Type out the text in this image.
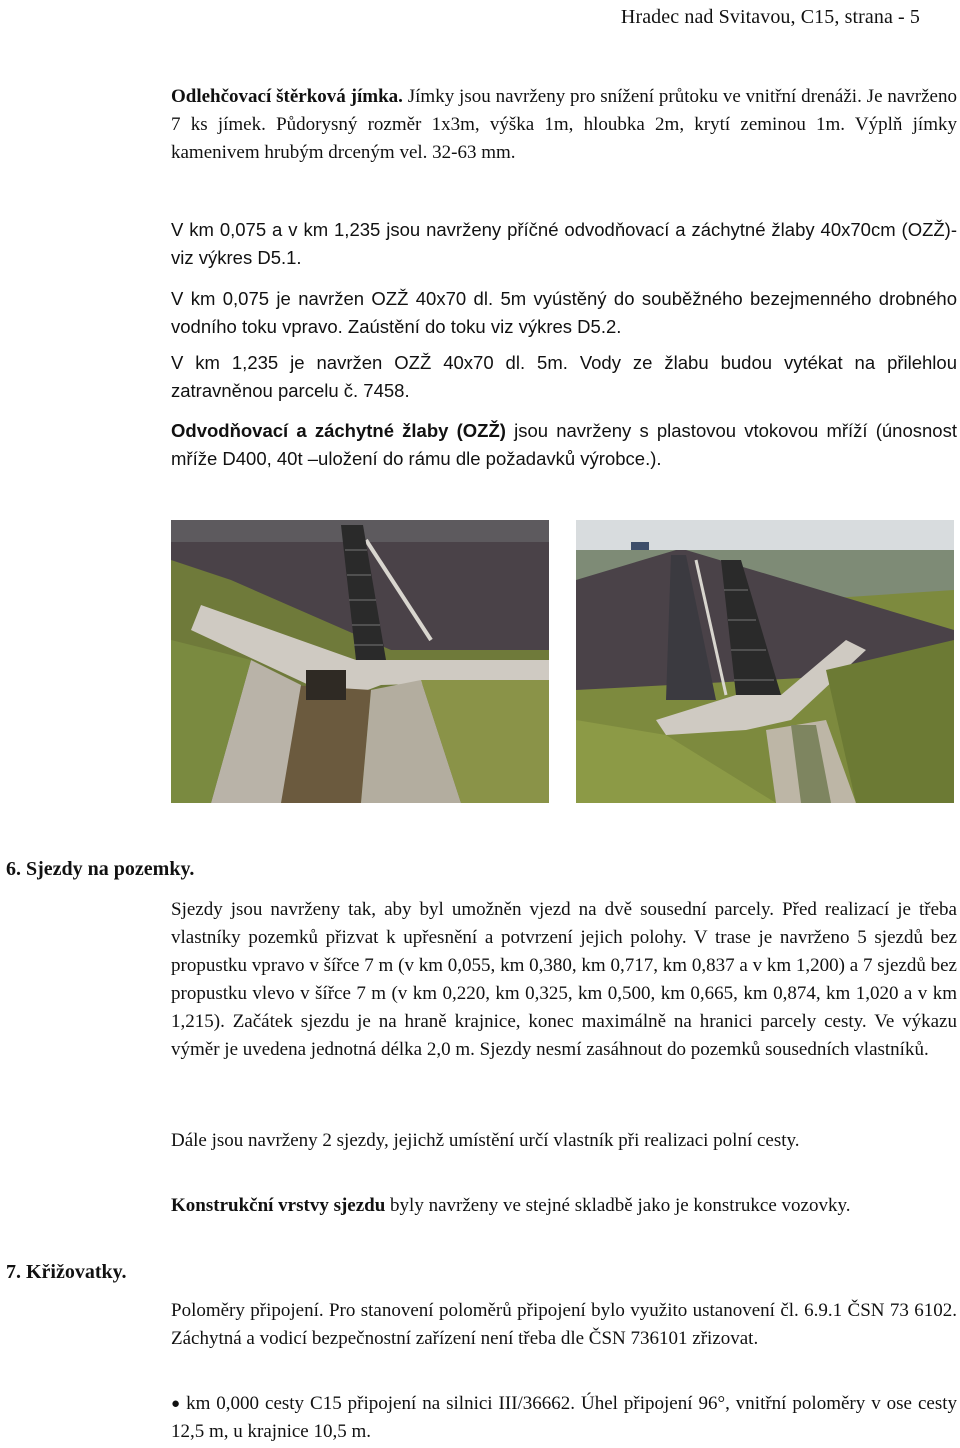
Hradec nad Svitavou, C15, strana - 5
Odlehčovací štěrková jímka. Jímky jsou navrženy pro snížení průtoku ve vnitřní drenáži. Je navrženo 7 ks jímek. Půdorysný rozměr 1x3m, výška 1m, hloubka 2m, krytí zeminou 1m. Výplň jímky kamenivem hrubým drceným vel. 32-63 mm.
V km 0,075 a v km 1,235 jsou navrženy příčné odvodňovací a záchytné žlaby 40x70cm (OZŽ)-viz výkres D5.1.
V km 0,075 je navržen OZŽ 40x70 dl. 5m vyústěný do souběžného bezejmenného drobného vodního toku vpravo. Zaústění do toku viz výkres D5.2.
V km 1,235 je navržen OZŽ 40x70 dl. 5m. Vody ze žlabu budou vytékat na přilehlou zatravněnou parcelu č. 7458.
Odvodňovací a záchytné žlaby (OZŽ) jsou navrženy s plastovou vtokovou mříží (únosnost mříže D400, 40t –uložení do rámu dle požadavků výrobce.).
6. Sjezdy na pozemky.
Sjezdy jsou navrženy tak, aby byl umožněn vjezd na dvě sousední parcely. Před realizací je třeba vlastníky pozemků přizvat k upřesnění a potvrzení jejich polohy. V trase je navrženo 5 sjezdů bez propustku vpravo v šířce 7 m (v km 0,055, km 0,380, km 0,717, km 0,837 a v km 1,200) a 7 sjezdů bez propustku vlevo v šířce 7 m (v km 0,220, km 0,325, km 0,500, km 0,665, km 0,874, km 1,020 a v km 1,215). Začátek sjezdu je na hraně krajnice, konec maximálně na hranici parcely cesty. Ve výkazu výměr je uvedena jednotná délka 2,0 m. Sjezdy nesmí zasáhnout do pozemků sousedních vlastníků.
Dále jsou navrženy 2 sjezdy, jejichž umístění určí vlastník při realizaci polní cesty.
Konstrukční vrstvy sjezdu byly navrženy ve stejné skladbě jako je konstrukce vozovky.
7. Křižovatky.
Poloměry připojení. Pro stanovení poloměrů připojení bylo využito ustanovení čl. 6.9.1 ČSN 73 6102. Záchytná a vodicí bezpečnostní zařízení není třeba dle ČSN 736101 zřizovat.
● km 0,000 cesty C15 připojení na silnici III/36662. Úhel připojení 96°, vnitřní poloměry v ose cesty 12,5 m, u krajnice 10,5 m.
